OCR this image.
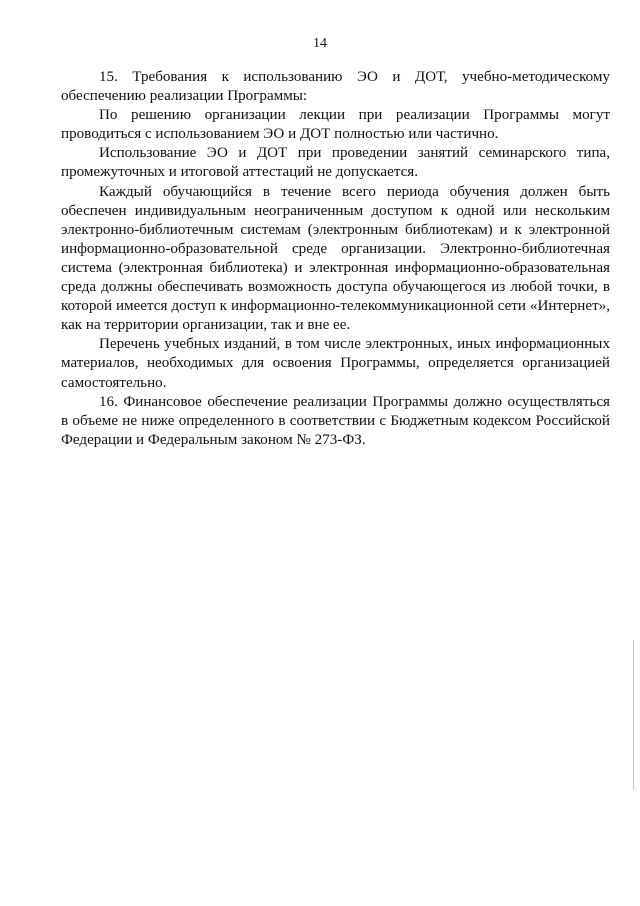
14

15. Требования к использованию ЭО и ДОТ, учебно-методическому обеспечению реализации Программы:

По решению организации лекции при реализации Программы могут проводиться с использованием ЭО и ДОТ полностью или частично.

Использование ЭО и ДОТ при проведении занятий семинарского типа, промежуточных и итоговой аттестаций не допускается.

Каждый обучающийся в течение всего периода обучения должен быть обеспечен индивидуальным неограниченным доступом к одной или нескольким электронно-библиотечным системам (электронным библиотекам) и к электронной информационно-образовательной среде организации. Электронно-библиотечная система (электронная библиотека) и электронная информационно-образовательная среда должны обеспечивать возможность доступа обучающегося из любой точки, в которой имеется доступ к информационно-телекоммуникационной сети «Интернет», как на территории организации, так и вне ее.

Перечень учебных изданий, в том числе электронных, иных информационных материалов, необходимых для освоения Программы, определяется организацией самостоятельно.

16. Финансовое обеспечение реализации Программы должно осуществляться в объеме не ниже определенного в соответствии с Бюджетным кодексом Российской Федерации и Федеральным законом № 273-ФЗ.
